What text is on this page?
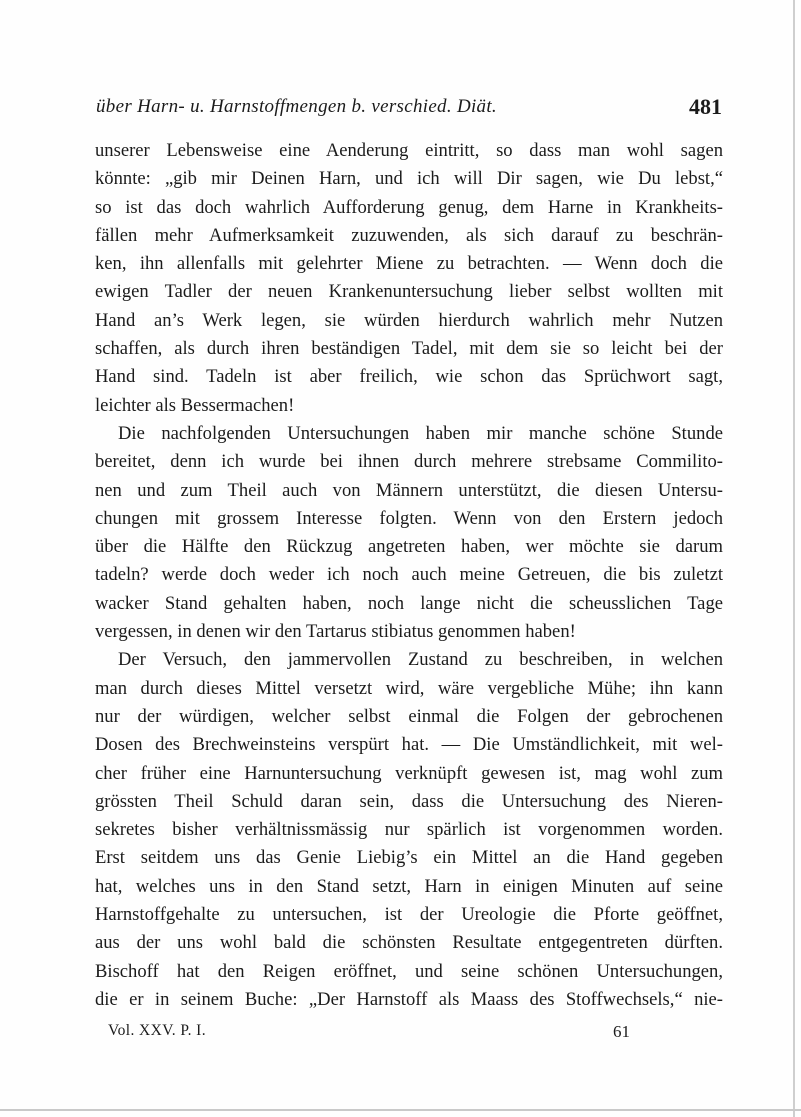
über Harn- u. Harnstoffmengen b. verschied. Diät.	481
unserer Lebensweise eine Aenderung eintritt, so dass man wohl sagen
könnte: „gib mir Deinen Harn, und ich will Dir sagen, wie Du lebst,“
so ist das doch wahrlich Aufforderung genug, dem Harne in Krankheits-
fällen mehr Aufmerksamkeit zuzuwenden, als sich darauf zu beschrän-
ken, ihn allenfalls mit gelehrter Miene zu betrachten. — Wenn doch die
ewigen Tadler der neuen Krankenuntersuchung lieber selbst wollten mit
Hand an’s Werk legen, sie würden hierdurch wahrlich mehr Nutzen
schaffen, als durch ihren beständigen Tadel, mit dem sie so leicht bei der
Hand sind. Tadeln ist aber freilich, wie schon das Sprüchwort sagt,
leichter als Bessermachen!
Die nachfolgenden Untersuchungen haben mir manche schöne Stunde
bereitet, denn ich wurde bei ihnen durch mehrere strebsame Commilito-
nen und zum Theil auch von Männern unterstützt, die diesen Untersu-
chungen mit grossem Interesse folgten. Wenn von den Erstern jedoch
über die Hälfte den Rückzug angetreten haben, wer möchte sie darum
tadeln? werde doch weder ich noch auch meine Getreuen, die bis zuletzt
wacker Stand gehalten haben, noch lange nicht die scheusslichen Tage
vergessen, in denen wir den Tartarus stibiatus genommen haben!
Der Versuch, den jammervollen Zustand zu beschreiben, in welchen
man durch dieses Mittel versetzt wird, wäre vergebliche Mühe; ihn kann
nur der würdigen, welcher selbst einmal die Folgen der gebrochenen
Dosen des Brechweinsteins verspürt hat. — Die Umständlichkeit, mit wel-
cher früher eine Harnuntersuchung verknüpft gewesen ist, mag wohl zum
grössten Theil Schuld daran sein, dass die Untersuchung des Nieren-
sekretes bisher verhältnissmässig nur spärlich ist vorgenommen worden.
Erst seitdem uns das Genie Liebig’s ein Mittel an die Hand gegeben
hat, welches uns in den Stand setzt, Harn in einigen Minuten auf seine
Harnstoffgehalte zu untersuchen, ist der Ureologie die Pforte geöffnet,
aus der uns wohl bald die schönsten Resultate entgegentreten dürften.
Bischoff hat den Reigen eröffnet, und seine schönen Untersuchungen,
die er in seinem Buche: „Der Harnstoff als Maass des Stoffwechsels,“ nie-
Vol. XXV. P. I.	61
